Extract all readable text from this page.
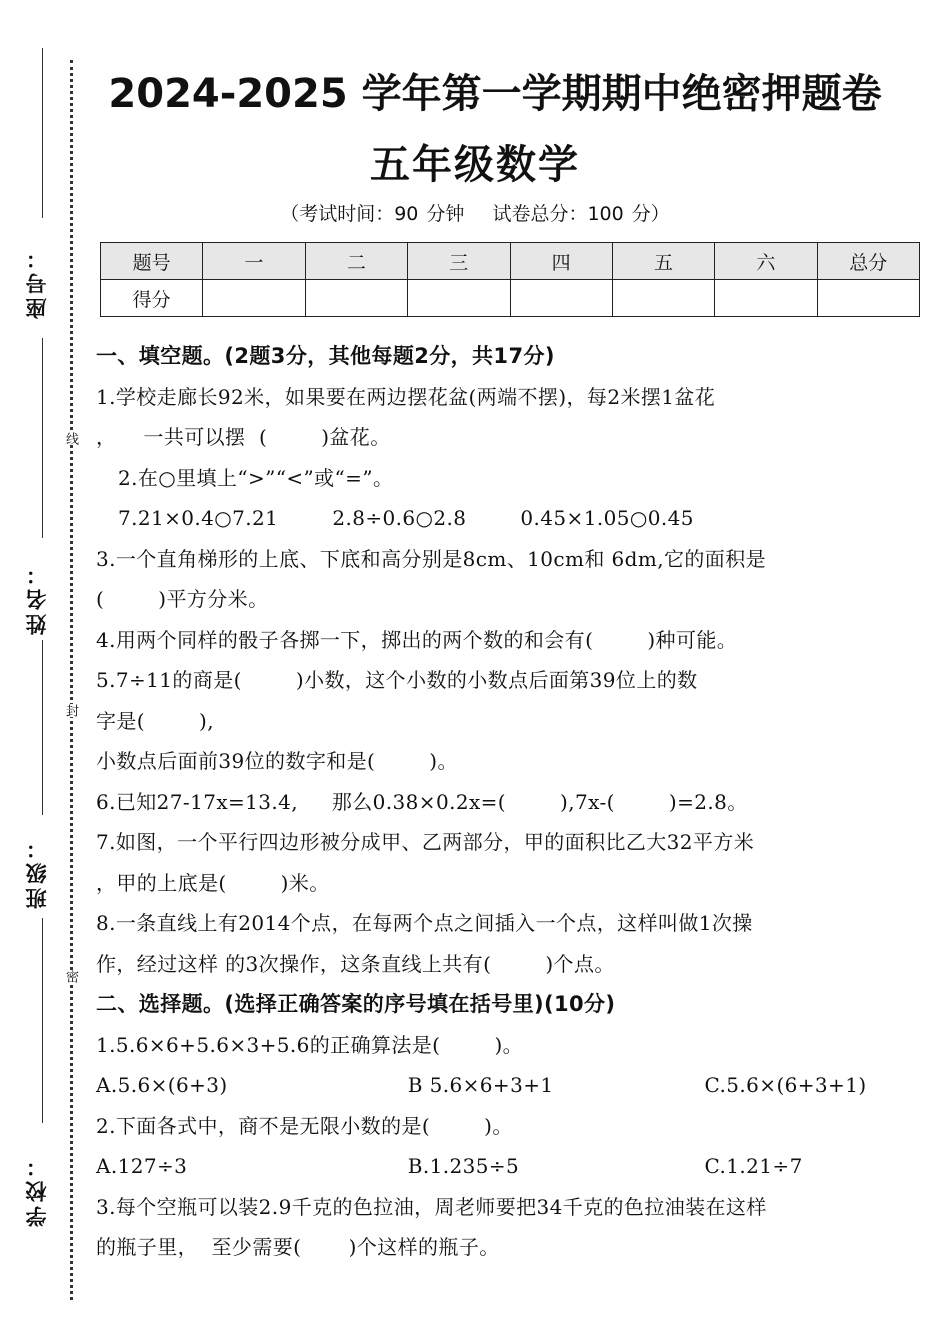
座号：
姓名：
班级：
学校：
线
封
密
2024-2025 学年第一学期期中绝密押题卷
五年级数学
（考试时间：90 分钟 试卷总分：100 分）
题号	一	二	三	四	五	六	总分
得分							
一、填空题。(2题3分，其他每题2分，共17分)
1.学校走廊长92米，如果要在两边摆花盆(两端不摆)，每2米摆1盆花
，    一共可以摆  (        )盆花。
2.在○里填上“>”“<”或“=”。
7.21×0.4○7.21        2.8÷0.6○2.8        0.45×1.05○0.45
3.一个直角梯形的上底、下底和高分别是8cm、10cm和 6dm,它的面积是
(        )平方分米。
4.用两个同样的骰子各掷一下，掷出的两个数的和会有(        )种可能。
5.7÷11的商是(        )小数，这个小数的小数点后面第39位上的数
字是(        ),
小数点后面前39位的数字和是(        )。
6.已知27-17x=13.4,     那么0.38×0.2x=(        ),7x-(        )=2.8。
7.如图，一个平行四边形被分成甲、乙两部分，甲的面积比乙大32平方米
，甲的上底是(        )米。
8.一条直线上有2014个点，在每两个点之间插入一个点，这样叫做1次操
作，经过这样 的3次操作，这条直线上共有(        )个点。
二、选择题。(选择正确答案的序号填在括号里)(10分)
1.5.6×6+5.6×3+5.6的正确算法是(        )。
A.5.6×(6+3)	B 5.6×6+3+1	C.5.6×(6+3+1)
2.下面各式中，商不是无限小数的是(        )。
A.127÷3	B.1.235÷5	C.1.21÷7
3.每个空瓶可以装2.9千克的色拉油，周老师要把34千克的色拉油装在这样
的瓶子里，  至少需要(       )个这样的瓶子。
